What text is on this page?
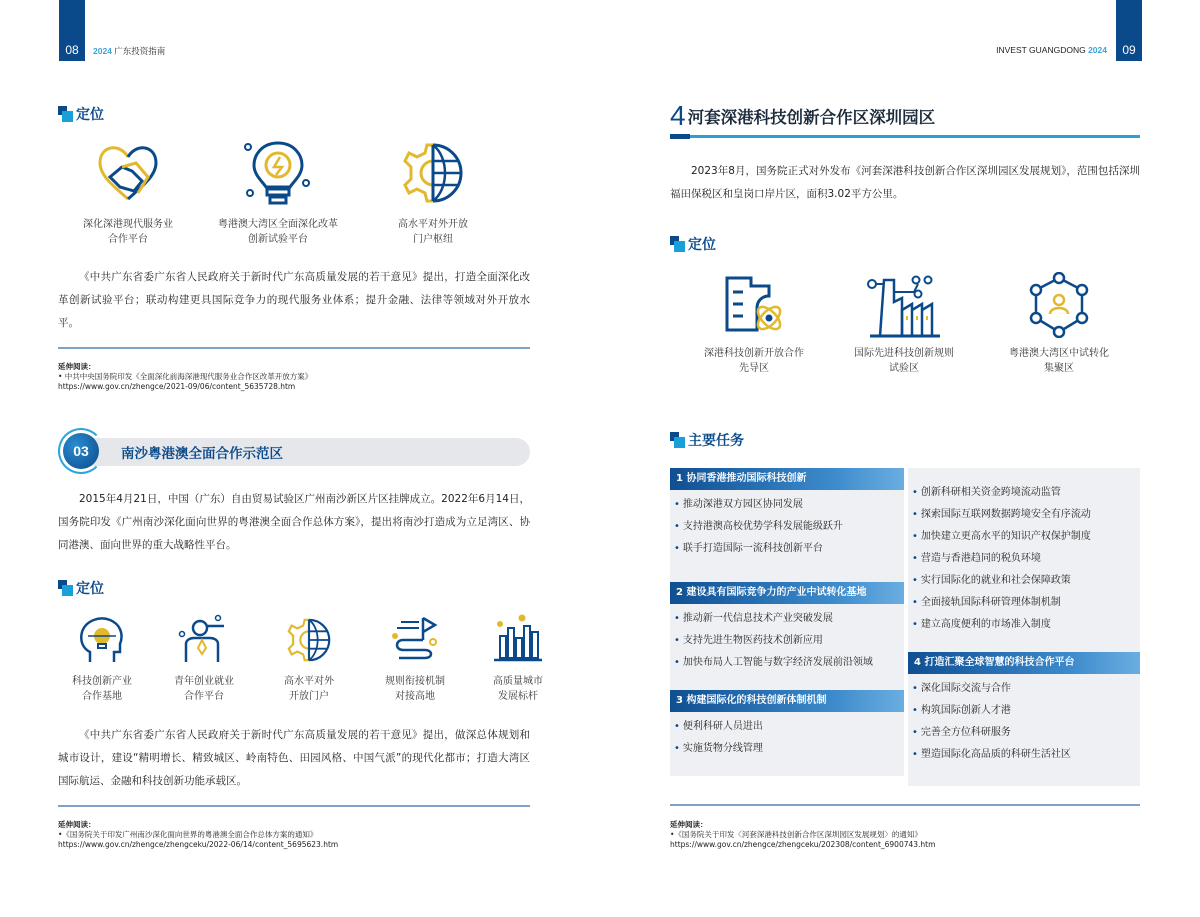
08	2024 广东投资指南
定位
深化深港现代服务业
合作平台
粤港澳大湾区全面深化改革
创新试验平台
高水平对外开放
门户枢纽
《中共广东省委广东省人民政府关于新时代广东高质量发展的若干意见》提出，打造全面深化改革创新试验平台；联动构建更具国际竞争力的现代服务业体系；提升金融、法律等领域对外开放水平。
延伸阅读：
• 中共中央国务院印发《全面深化前海深港现代服务业合作区改革开放方案》
https://www.gov.cn/zhengce/2021-09/06/content_5635728.htm
03	南沙粤港澳全面合作示范区
2015年4月21日，中国（广东）自由贸易试验区广州南沙新区片区挂牌成立。2022年6月14日，国务院印发《广州南沙深化面向世界的粤港澳全面合作总体方案》，提出将南沙打造成为立足湾区、协同港澳、面向世界的重大战略性平台。
定位
科技创新产业
合作基地
青年创业就业
合作平台
高水平对外
开放门户
规则衔接机制
对接高地
高质量城市
发展标杆
《中共广东省委广东省人民政府关于新时代广东高质量发展的若干意见》提出，做深总体规划和城市设计，建设“精明增长、精致城区、岭南特色、田园风格、中国气派”的现代化都市；打造大湾区国际航运、金融和科技创新功能承载区。
延伸阅读：
•《国务院关于印发广州南沙深化面向世界的粤港澳全面合作总体方案的通知》
https://www.gov.cn/zhengce/zhengceku/2022-06/14/content_5695623.htm
09
INVEST GUANGDONG 2024
4 河套深港科技创新合作区深圳园区
2023年8月，国务院正式对外发布《河套深港科技创新合作区深圳园区发展规划》，范围包括深圳福田保税区和皇岗口岸片区，面积3.02平方公里。
定位
深港科技创新开放合作
先导区
国际先进科技创新规则
试验区
粤港澳大湾区中试转化
集聚区
主要任务
1 协同香港推动国际科技创新
• 推动深港双方园区协同发展
• 支持港澳高校优势学科发展能级跃升
• 联手打造国际一流科技创新平台
2 建设具有国际竞争力的产业中试转化基地
• 推动新一代信息技术产业突破发展
• 支持先进生物医药技术创新应用
• 加快布局人工智能与数字经济发展前沿领域
3 构建国际化的科技创新体制机制
• 便利科研人员进出
• 实施货物分线管理
• 创新科研相关资金跨境流动监管
• 探索国际互联网数据跨境安全有序流动
• 加快建立更高水平的知识产权保护制度
• 营造与香港趋同的税负环境
• 实行国际化的就业和社会保障政策
• 全面接轨国际科研管理体制机制
• 建立高度便利的市场准入制度
4 打造汇聚全球智慧的科技合作平台
• 深化国际交流与合作
• 构筑国际创新人才港
• 完善全方位科研服务
• 塑造国际化高品质的科研生活社区
延伸阅读：
•《国务院关于印发〈河套深港科技创新合作区深圳园区发展规划〉的通知》
https://www.gov.cn/zhengce/zhengceku/202308/content_6900743.htm
